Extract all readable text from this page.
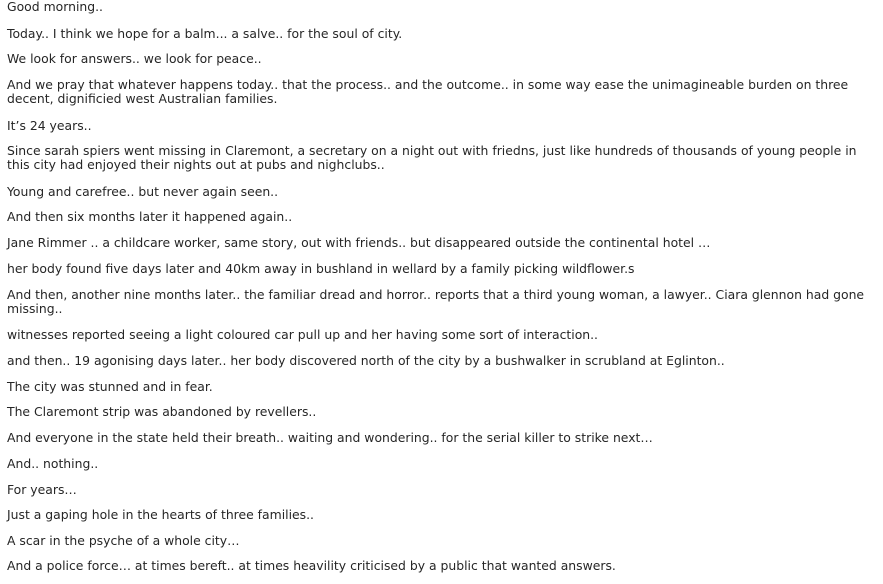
Good morning..

Today.. I think we hope for a balm... a salve.. for the soul of city.

We look for answers.. we look for peace..

And we pray that whatever happens today.. that the process.. and the outcome.. in some way ease the unimagineable burden on three decent, dignificied west Australian families.

It’s 24 years..

Since sarah spiers went missing in Claremont, a secretary on a night out with friedns, just like hundreds of thousands of young people in this city had enjoyed their nights out at pubs and nighclubs..

Young and carefree.. but never again seen..

And then six months later it happened again..

Jane Rimmer .. a childcare worker, same story, out with friends.. but disappeared outside the continental hotel …

her body found five days later and 40km away in bushland in wellard by a family picking wildflower.s

And then, another nine months later.. the familiar dread and horror.. reports that a third young woman, a lawyer.. Ciara glennon had gone missing..

witnesses reported seeing a light coloured car pull up and her having some sort of interaction..

and then.. 19 agonising days later.. her body discovered north of the city by a bushwalker in scrubland at Eglinton..

The city was stunned and in fear.

The Claremont strip was abandoned by revellers..

And everyone in the state held their breath.. waiting and wondering.. for the serial killer to strike next…

And.. nothing..

For years…

Just a gaping hole in the hearts of three families..

A scar in the psyche of a whole city…

And a police force… at times bereft.. at times heavility criticised by a public that wanted answers.
